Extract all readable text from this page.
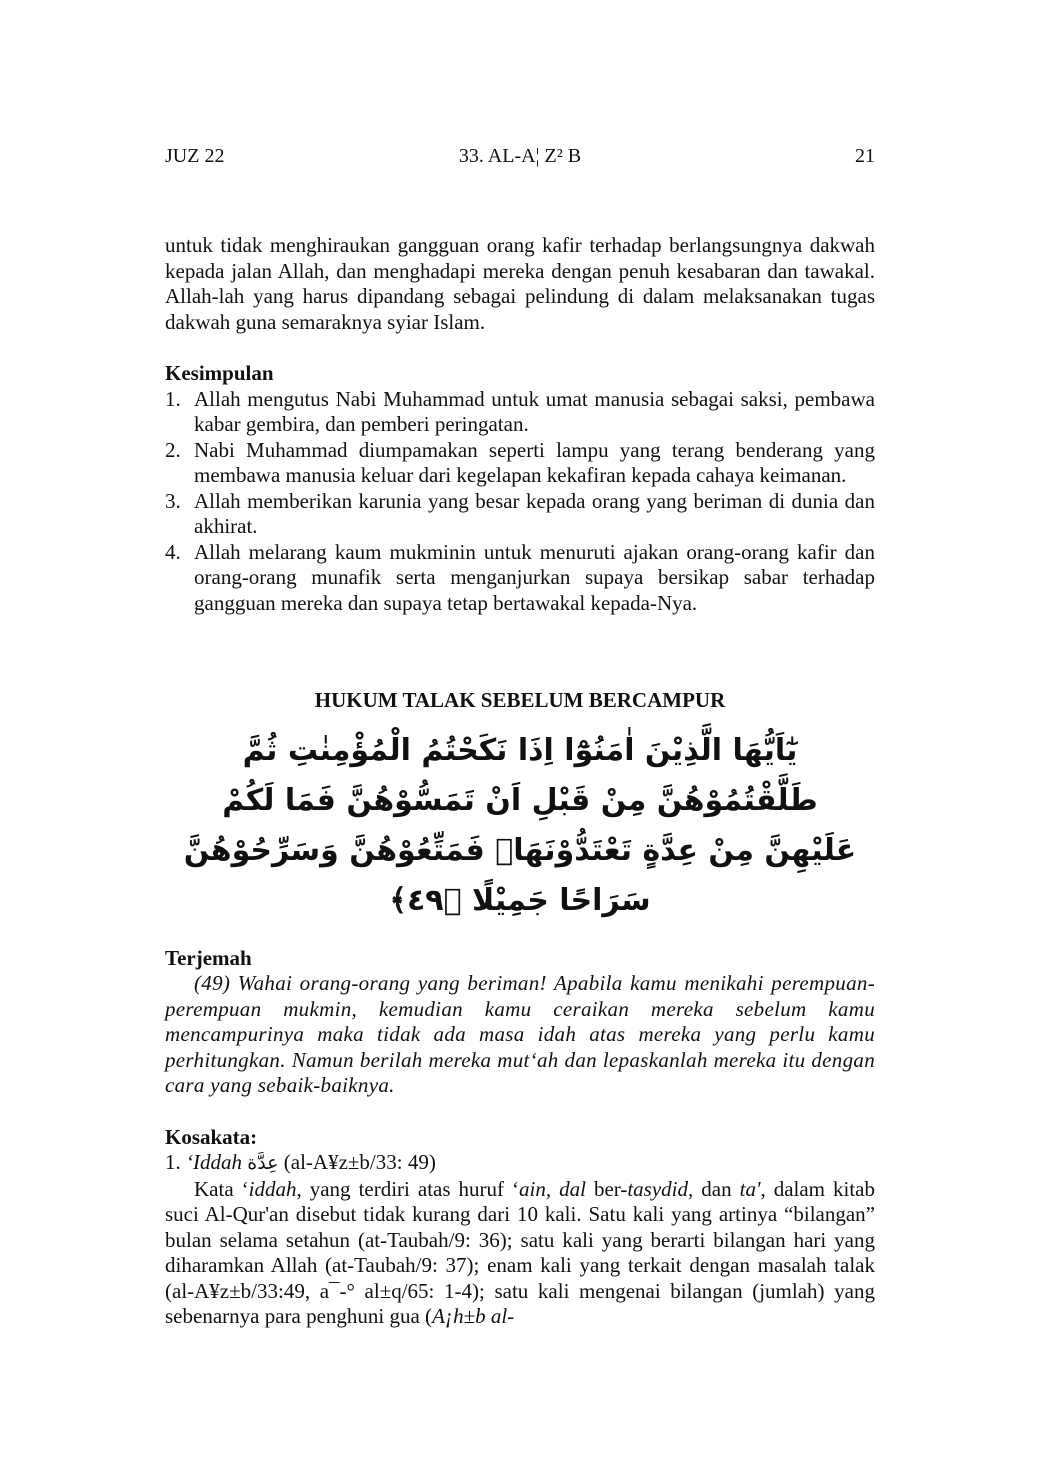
JUZ 22	33. AL-A¦ Z² B	21

untuk tidak menghiraukan gangguan orang kafir terhadap berlangsungnya dakwah kepada jalan Allah, dan menghadapi mereka dengan penuh kesabaran dan tawakal. Allah-lah yang harus dipandang sebagai pelindung di dalam melaksanakan tugas dakwah guna semaraknya syiar Islam.

Kesimpulan

1. Allah mengutus Nabi Muhammad untuk umat manusia sebagai saksi, pembawa kabar gembira, dan pemberi peringatan.
2. Nabi Muhammad diumpamakan seperti lampu yang terang benderang yang membawa manusia keluar dari kegelapan kekafiran kepada cahaya keimanan.
3. Allah memberikan karunia yang besar kepada orang yang beriman di dunia dan akhirat.
4. Allah melarang kaum mukminin untuk menuruti ajakan orang-orang kafir dan orang-orang munafik serta menganjurkan supaya bersikap sabar terhadap gangguan mereka dan supaya tetap bertawakal kepada-Nya.

HUKUM TALAK SEBELUM BERCAMPUR

يٰٓاَيُّهَا الَّذِيْنَ اٰمَنُوْٓا اِذَا نَكَحْتُمُ الْمُؤْمِنٰتِ ثُمَّ طَلَّقْتُمُوْهُنَّ مِنْ قَبْلِ اَنْ تَمَسُّوْهُنَّ فَمَا لَكُمْ

عَلَيْهِنَّ مِنْ عِدَّةٍ تَعْتَدُّوْنَهَاۚ فَمَتِّعُوْهُنَّ وَسَرِّحُوْهُنَّ سَرَاحًا جَمِيْلًا ﴿٤٩﴾

Terjemah

(49) Wahai orang-orang yang beriman! Apabila kamu menikahi perempuan-perempuan mukmin, kemudian kamu ceraikan mereka sebelum kamu mencampurinya maka tidak ada masa idah atas mereka yang perlu kamu perhitungkan. Namun berilah mereka mut‘ah dan lepaskanlah mereka itu dengan cara yang sebaik-baiknya.

Kosakata:

1. ‘Iddah عِدَّة (al-A¥z±b/33: 49)

Kata ‘iddah, yang terdiri atas huruf ‘ain, dal ber-tasydid, dan ta', dalam kitab suci Al-Qur'an disebut tidak kurang dari 10 kali. Satu kali yang artinya “bilangan” bulan selama setahun (at-Taubah/9: 36); satu kali yang berarti bilangan hari yang diharamkan Allah (at-Taubah/9: 37); enam kali yang terkait dengan masalah talak (al-A¥z±b/33:49, a¯-° al±q/65: 1-4); satu kali mengenai bilangan (jumlah) yang sebenarnya para penghuni gua (A¡h±b al-
